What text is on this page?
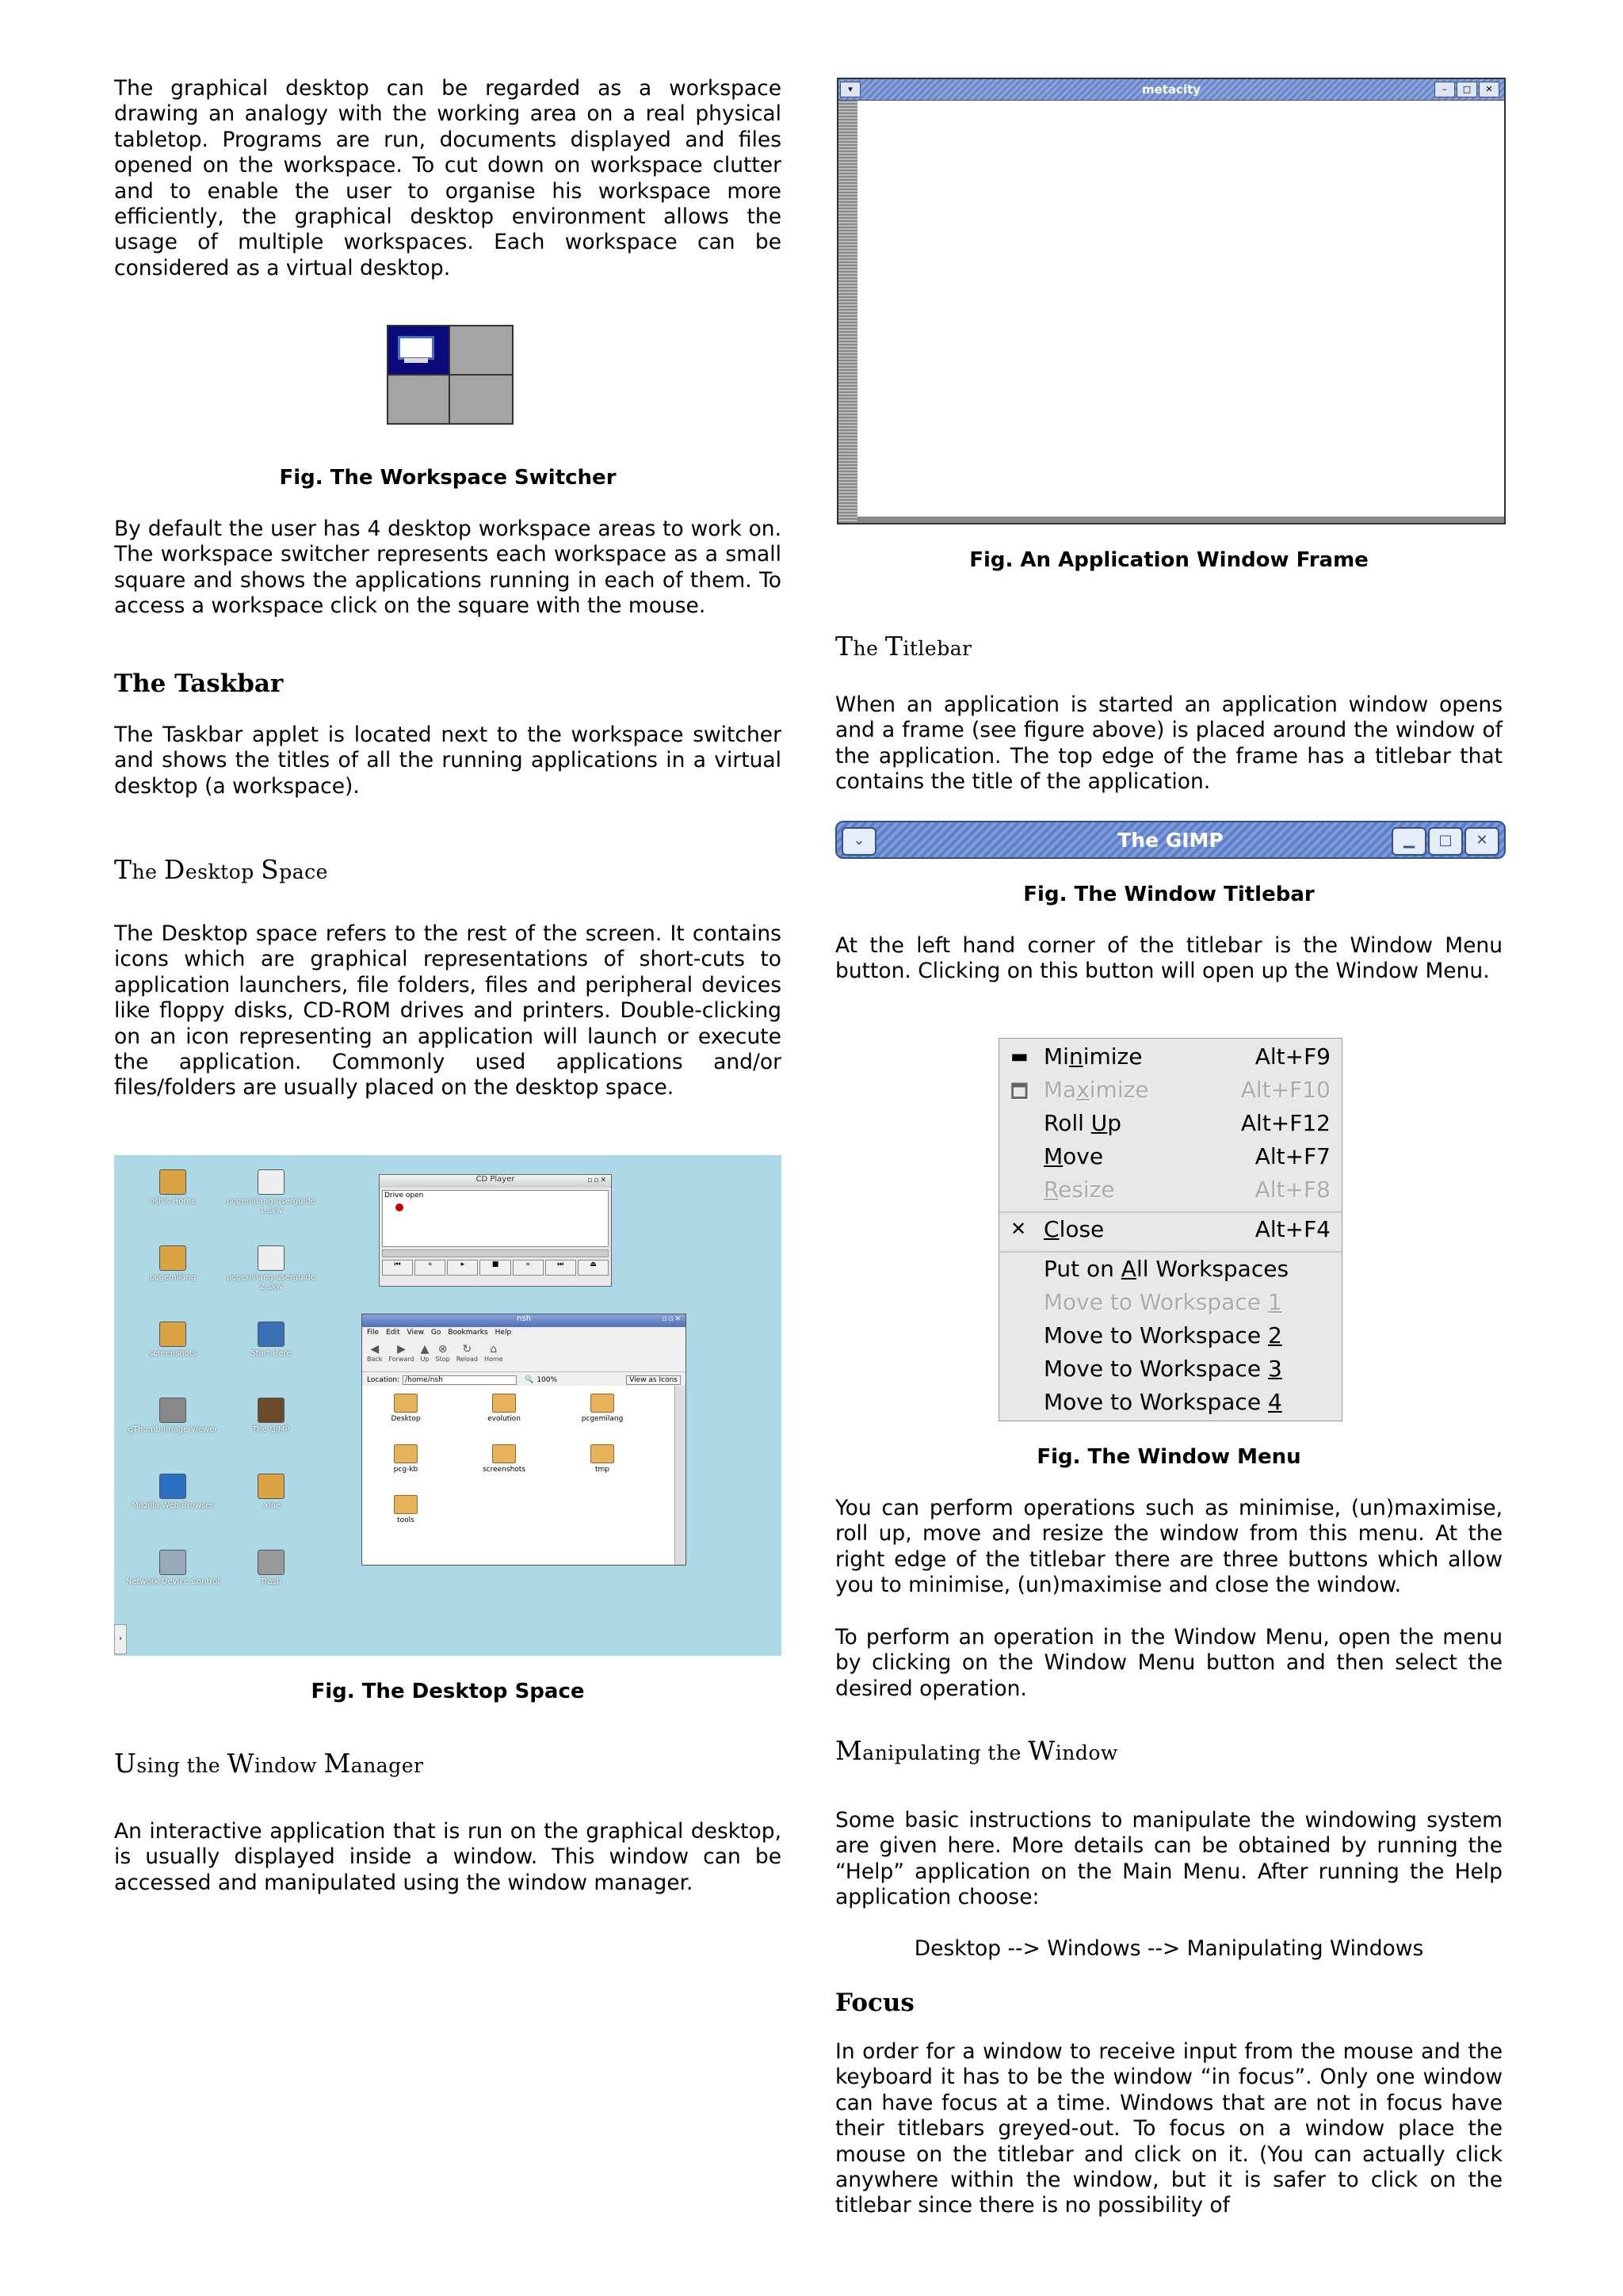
The graphical desktop can be regarded as a workspace drawing an analogy with the working area on a real physical tabletop. Programs are run, documents displayed and files opened on the workspace. To cut down on workspace clutter and to enable the user to organise his workspace more efficiently, the graphical desktop environment allows the usage of multiple workspaces. Each workspace can be considered as a virtual desktop.

Fig. The Workspace Switcher

By default the user has 4 desktop workspace areas to work on. The workspace switcher represents each workspace as a small square and shows the applications running in each of them. To access a workspace click on the square with the mouse.

The Taskbar

The Taskbar applet is located next to the workspace switcher and shows the titles of all the running applications in a virtual desktop (a workspace).

The Desktop Space

The Desktop space refers to the rest of the screen. It contains icons which are graphical representations of short-cuts to application launchers, file folders, files and peripheral devices like floppy disks, CD-ROM drives and printers. Double-clicking on an icon representing an application will launch or execute the application. Commonly used applications and/or files/folders are usually placed on the desktop space.

nsh's Home	pcgemilang-userguide1.sxw
pcgemilang	pcgemilang-userguide2.sxw
screenshots	Start Here
gThumb Image Viewer	The GIMP
Mozilla Web Browser	.xine
Network Device Control	Trash
CD Player	▫▫✕
Drive open
⏮	«	▸	■	»	⏭	⏏
nsh	▫▫✕
File Edit View Go Bookmarks Help
◀
Back
▶
Forward
▲
Up
⊗
Stop
↻
Reload
⌂
Home
Location: /home/nsh	🔍 100%	View as Icons
Desktop	evolution	pcgemilang
pcg-kb	screenshots	tmp
tools
›

Fig. The Desktop Space

Using the Window Manager

An interactive application that is run on the graphical desktop, is usually displayed inside a window. This window can be accessed and manipulated using the window manager.

▾	metacity	–	□	✕

Fig. An Application Window Frame

The Titlebar

When an application is started an application window opens and a frame (see figure above) is placed around the window of the application. The top edge of the frame has a titlebar that contains the title of the application.

⌄	The GIMP	▁	□	✕

Fig. The Window Titlebar

At the left hand corner of the titlebar is the Window Menu button. Clicking on this button will open up the Window Menu.

▬ Minimize	Alt+F9
🗖 Maximize	Alt+F10
Roll Up	Alt+F12
Move	Alt+F7
Resize	Alt+F8
✕ Close	Alt+F4
Put on All Workspaces
Move to Workspace 1
Move to Workspace 2
Move to Workspace 3
Move to Workspace 4

Fig. The Window Menu

You can perform operations such as minimise, (un)maximise, roll up, move and resize the window from this menu. At the right edge of the titlebar there are three buttons which allow you to minimise, (un)maximise and close the window.

To perform an operation in the Window Menu, open the menu by clicking on the Window Menu button and then select the desired operation.

Manipulating the Window

Some basic instructions to manipulate the windowing system are given here. More details can be obtained by running the “Help” application on the Main Menu. After running the Help application choose:

Desktop --> Windows --> Manipulating Windows

Focus

In order for a window to receive input from the mouse and the keyboard it has to be the window “in focus”. Only one window can have focus at a time. Windows that are not in focus have their titlebars greyed-out. To focus on a window place the mouse on the titlebar and click on it. (You can actually click anywhere within the window, but it is safer to click on the titlebar since there is no possibility of
